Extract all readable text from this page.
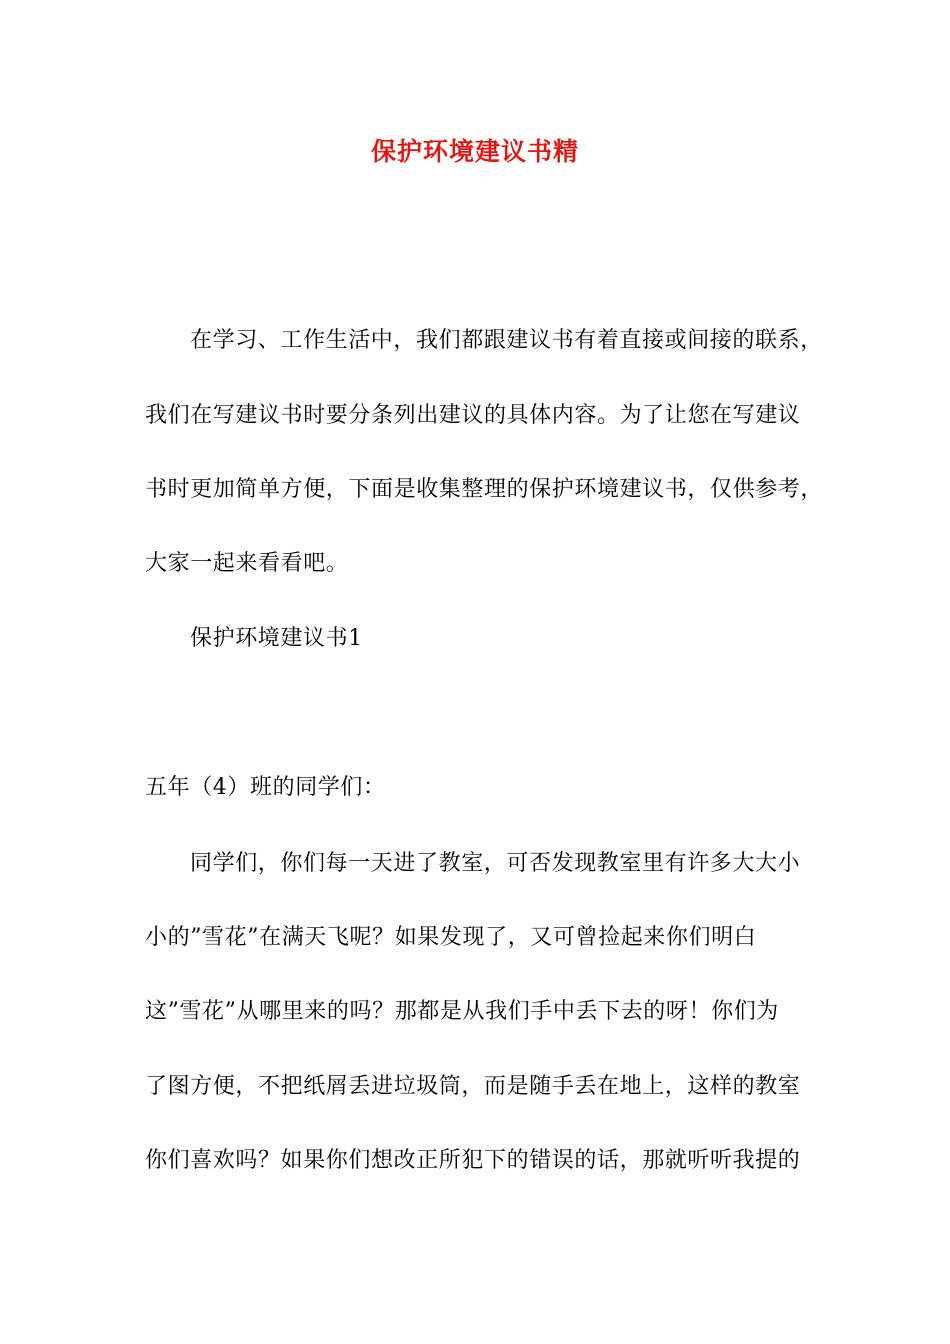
保护环境建议书精
在学习、工作生活中，我们都跟建议书有着直接或间接的联系，
我们在写建议书时要分条列出建议的具体内容。为了让您在写建议
书时更加简单方便，下面是收集整理的保护环境建议书，仅供参考，
大家一起来看看吧。
保护环境建议书1
五年（4）班的同学们：
同学们，你们每一天进了教室，可否发现教室里有许多大大小
小的”雪花”在满天飞呢？如果发现了，又可曾捡起来你们明白
这”雪花”从哪里来的吗？那都是从我们手中丢下去的呀！你们为
了图方便，不把纸屑丢进垃圾筒，而是随手丢在地上，这样的教室
你们喜欢吗？如果你们想改正所犯下的错误的话，那就听听我提的
